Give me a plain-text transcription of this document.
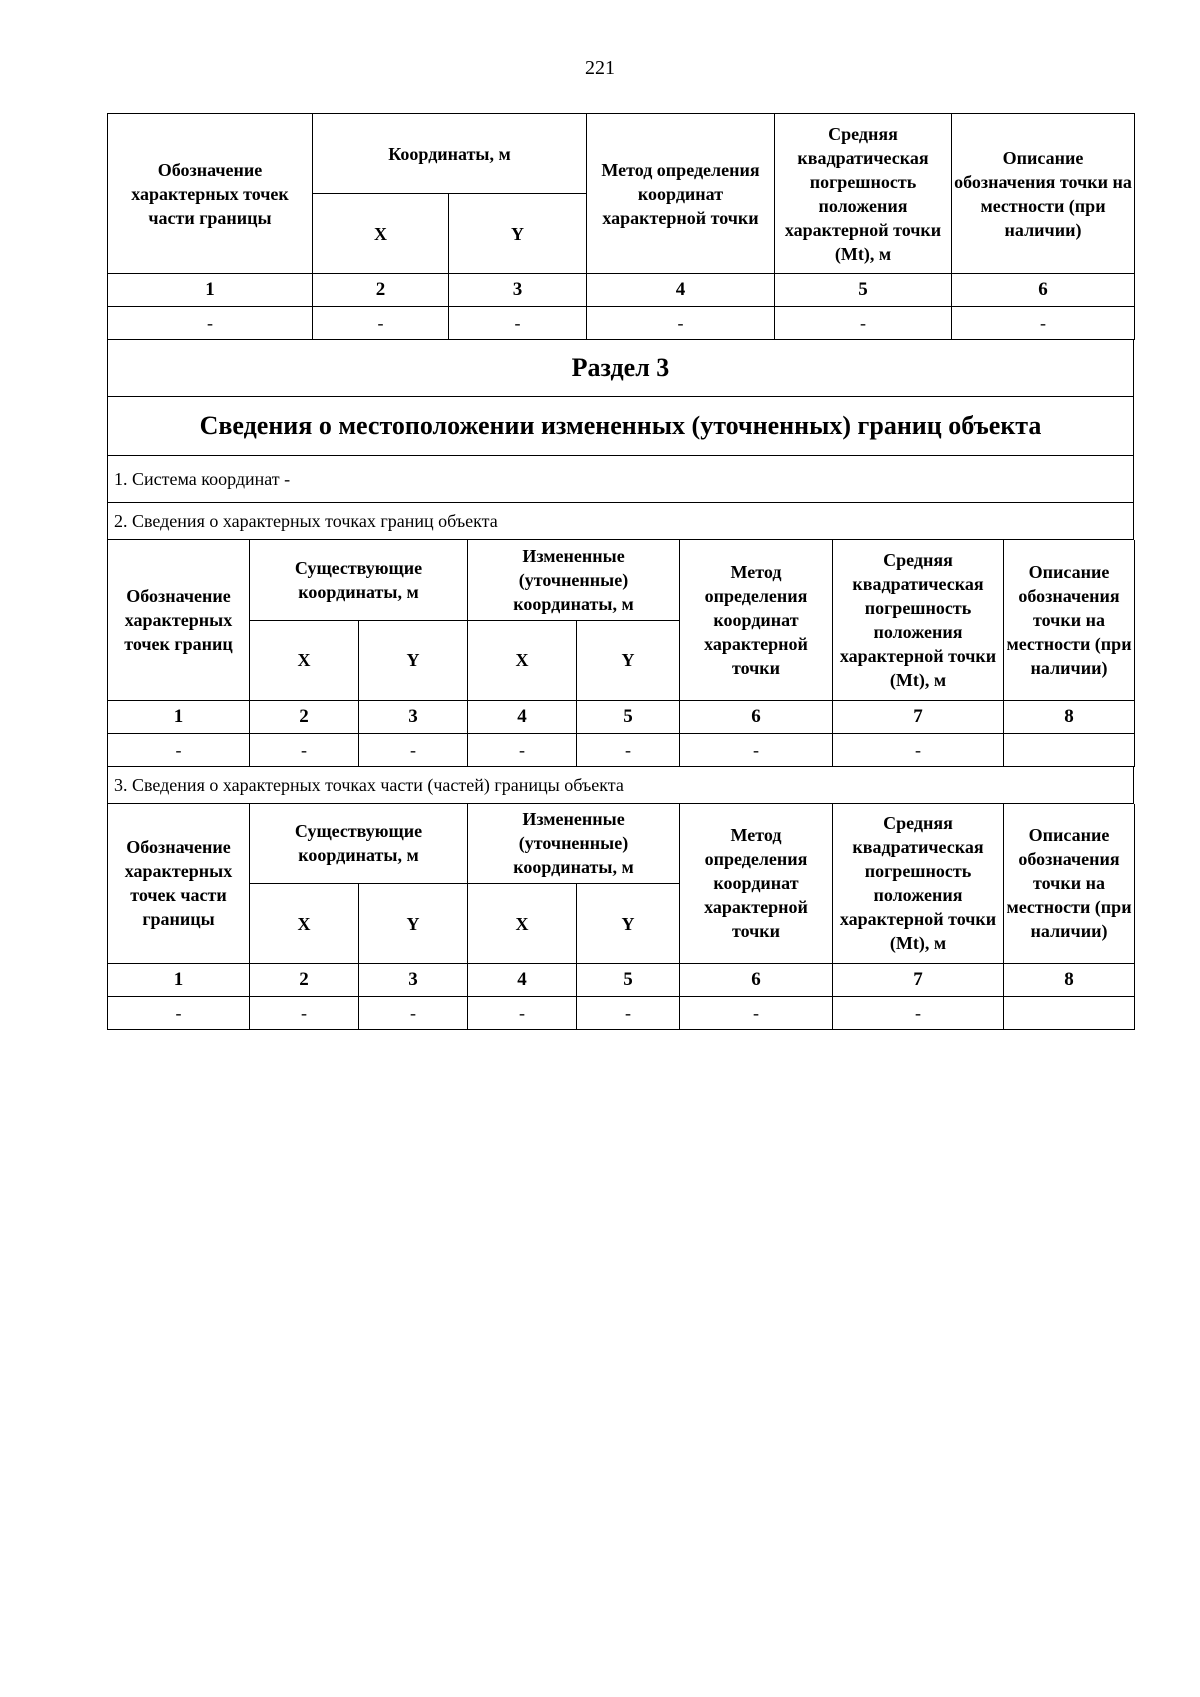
221
Обозначение характерных точек части границы	Координаты, м		Метод определения координат характерной точки	Средняя квадратическая погрешность положения характерной точки (Mt), м	Описание обозначения точки на местности (при наличии)
	X	Y			
1	2	3	4	5	6
-	-	-	-	-	-
Раздел 3
Сведения о местоположении измененных (уточненных) границ объекта
1. Система координат -
2. Сведения о характерных точках границ объекта
Обозначение характерных точек границ	Существующие координаты, м		Измененные (уточненные) координаты, м		Метод определения координат характерной точки	Средняя квадратическая погрешность положения характерной точки (Mt), м	Описание обозначения точки на местности (при наличии)
	X	Y	X	Y			
1	2	3	4	5	6	7	8
-	-	-	-	-	-	-	
3. Сведения о характерных точках части (частей) границы объекта
Обозначение характерных точек части границы	Существующие координаты, м		Измененные (уточненные) координаты, м		Метод определения координат характерной точки	Средняя квадратическая погрешность положения характерной точки (Mt), м	Описание обозначения точки на местности (при наличии)
	X	Y	X	Y			
1	2	3	4	5	6	7	8
-	-	-	-	-	-	-	
